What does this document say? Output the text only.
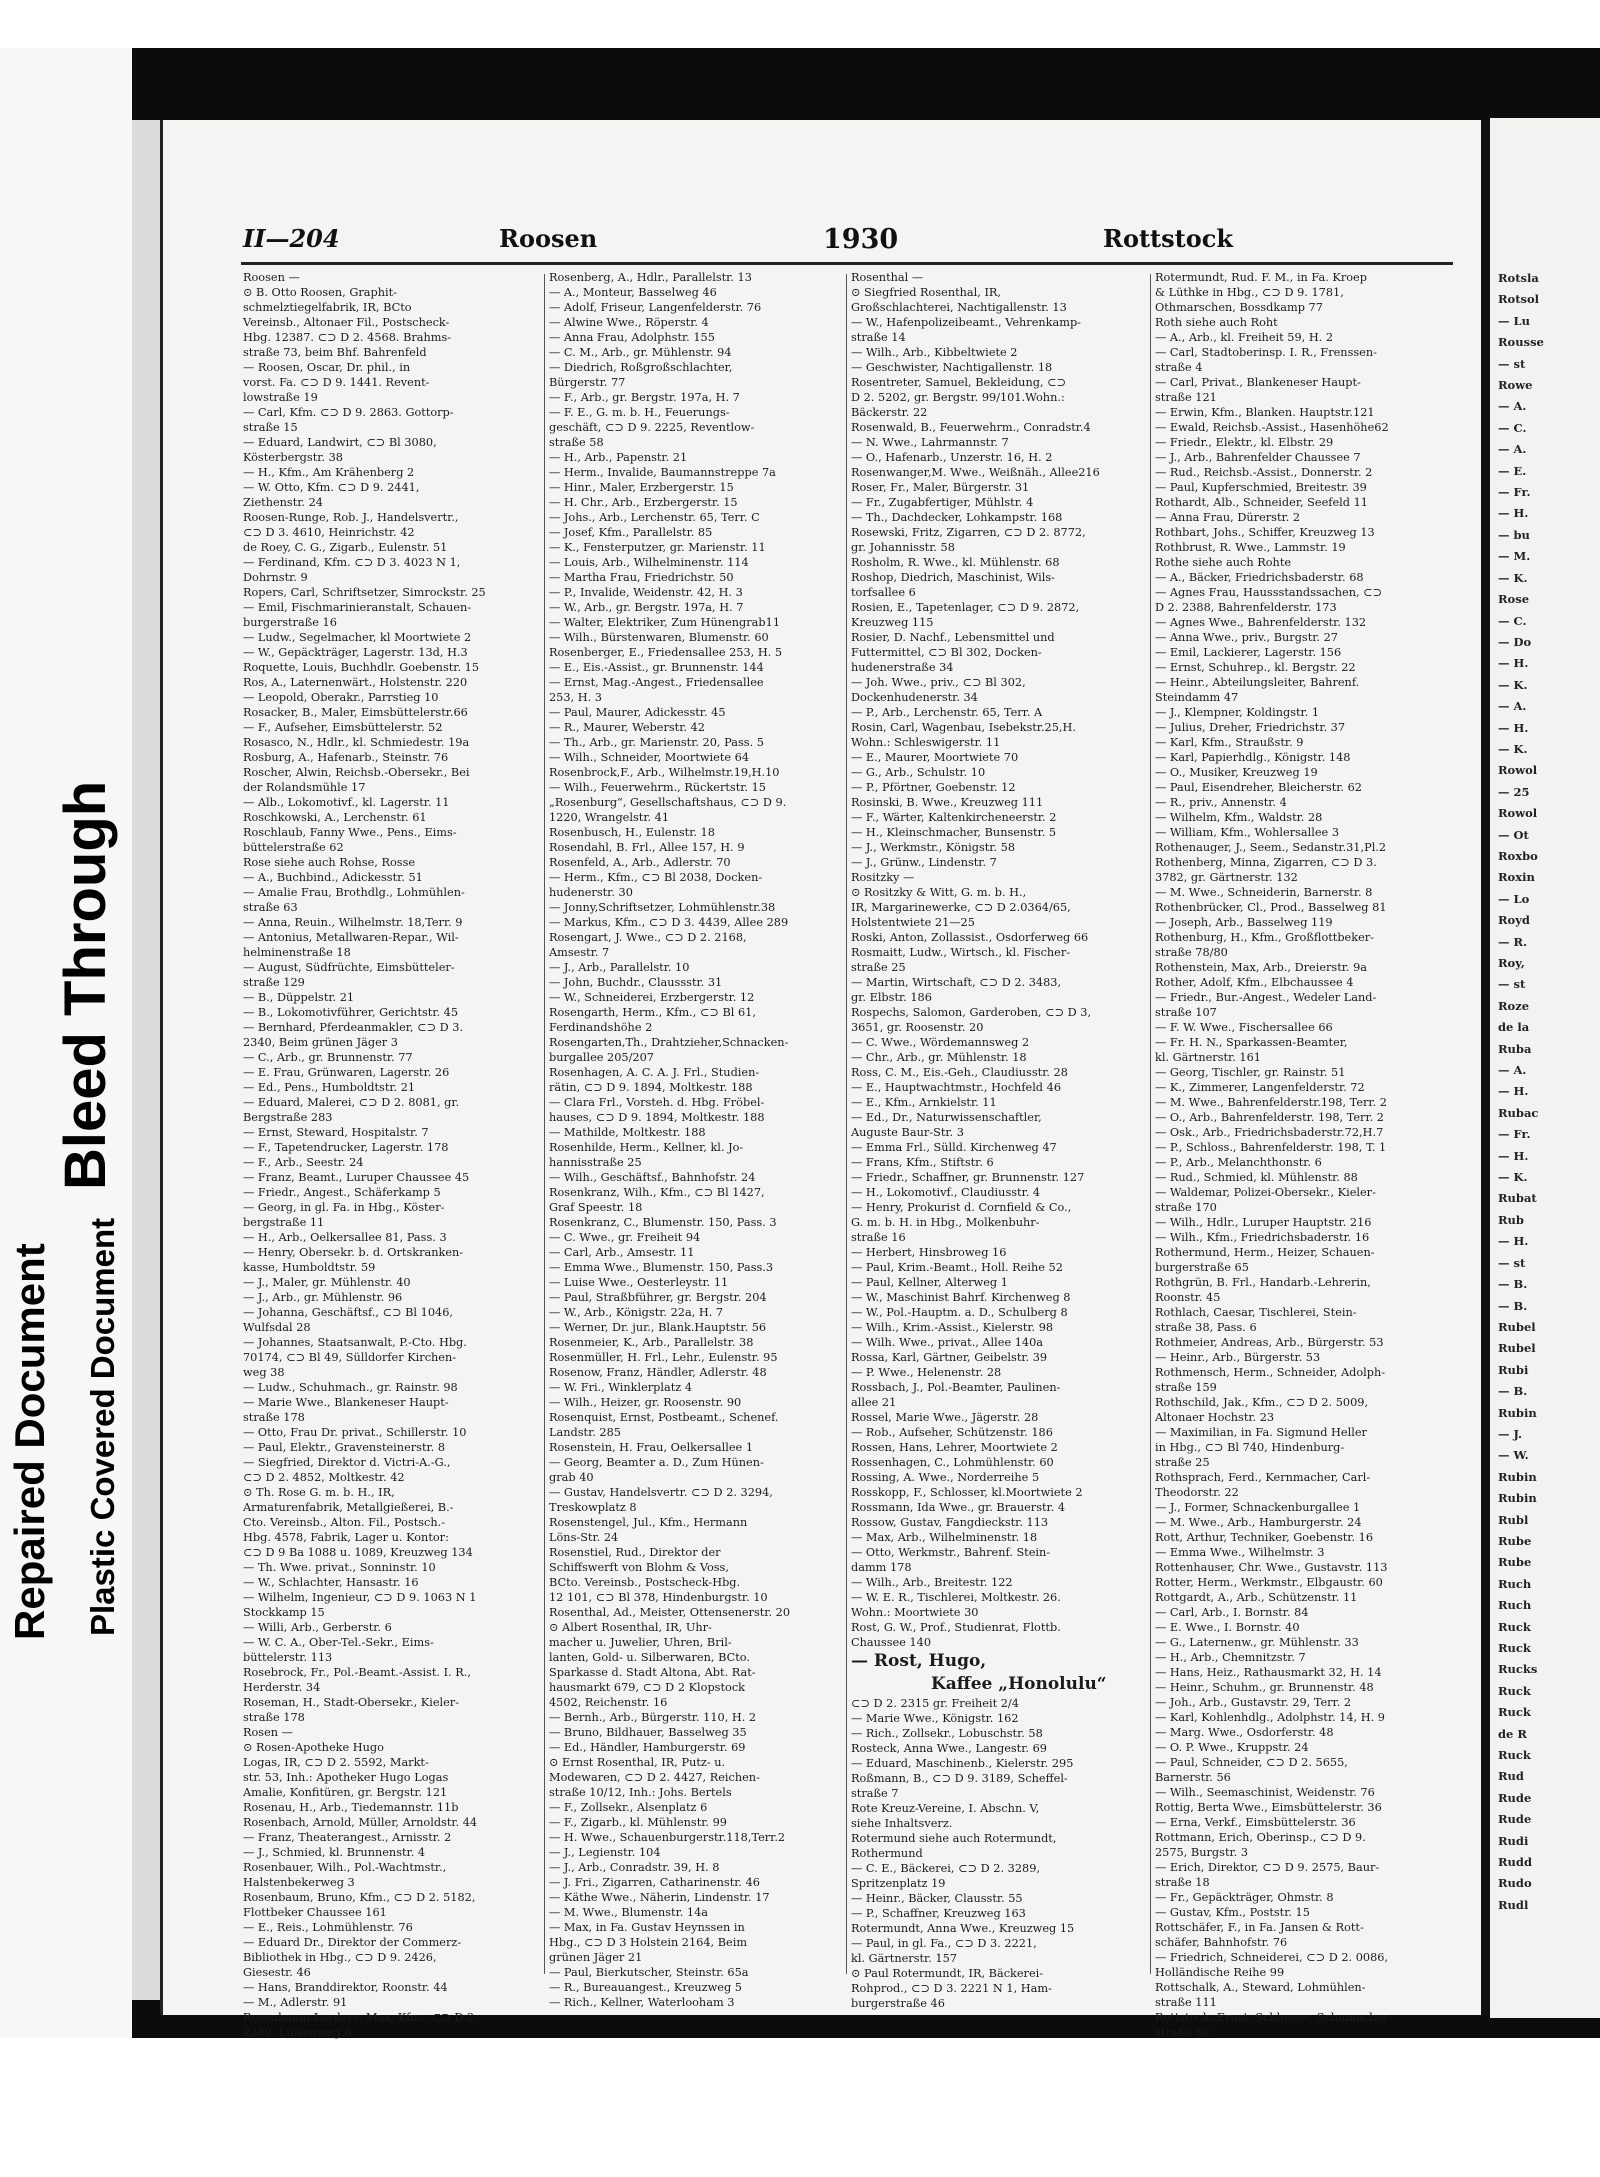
Rotsla
Rotsol
— Lu
Rousse
— st
Rowe
— A.
— C.
— A.
— E.
— Fr.
— H.
— bu
— M.
— K.
Rose
— C.
— Do
— H.
— K.
— A.
— H.
— K.
Rowol
— 25
Rowol
— Ot
Roxbo
Roxin
— Lo
Royd
— R.
Roy,
— st
Roze
de la
Ruba
— A.
— H.
Rubac
— Fr.
— H.
— K.
Rubat
Rub
— H.
— st
— B.
— B.
Rubel
Rubel
Rubi
— B.
Rubin
— J.
— W.
Rubin
Rubin
Rubl
Rube
Rube
Ruch
Ruch
Ruck
Ruck
Rucks
Ruck
Ruck
de R
Ruck
Rud
Rude
Rude
Rudi
Rudd
Rudo
Rudl
Repaired Document Plastic Covered Document
Bleed Through
II—204	Roosen	1930	Rottstock
Roosen —
⊙ B. Otto Roosen, Graphit-
schmelztiegelfabrik, IR, BCto
Vereinsb., Altonaer Fil., Postscheck-
Hbg. 12387. ⊂⊃ D 2. 4568. Brahms-
straße 73, beim Bhf. Bahrenfeld
— Roosen, Oscar, Dr. phil., in
vorst. Fa. ⊂⊃ D 9. 1441. Revent-
lowstraße 19
— Carl, Kfm. ⊂⊃ D 9. 2863. Gottorp-
straße 15
— Eduard, Landwirt, ⊂⊃ Bl 3080,
Kösterbergstr. 38
— H., Kfm., Am Krähenberg 2
— W. Otto, Kfm. ⊂⊃ D 9. 2441,
Ziethenstr. 24
Roosen-Runge, Rob. J., Handelsvertr.,
⊂⊃ D 3. 4610, Heinrichstr. 42
de Roey, C. G., Zigarb., Eulenstr. 51
— Ferdinand, Kfm. ⊂⊃ D 3. 4023 N 1,
Dohrnstr. 9
Ropers, Carl, Schriftsetzer, Simrockstr. 25
— Emil, Fischmarinieranstalt, Schauen-
burgerstraße 16
— Ludw., Segelmacher, kl Moortwiete 2
— W., Gepäckträger, Lagerstr. 13d, H.3
Roquette, Louis, Buchhdlr. Goebenstr. 15
Ros, A., Laternenwärt., Holstenstr. 220
— Leopold, Oberakr., Parrstieg 10
Rosacker, B., Maler, Eimsbüttelerstr.66
— F., Aufseher, Eimsbüttelerstr. 52
Rosasco, N., Hdlr., kl. Schmiedestr. 19a
Rosburg, A., Hafenarb., Steinstr. 76
Roscher, Alwin, Reichsb.-Obersekr., Bei
der Rolandsmühle 17
— Alb., Lokomotivf., kl. Lagerstr. 11
Roschkowski, A., Lerchenstr. 61
Roschlaub, Fanny Wwe., Pens., Eims-
büttelerstraße 62
Rose siehe auch Rohse, Rosse
— A., Buchbind., Adickesstr. 51
— Amalie Frau, Brothdlg., Lohmühlen-
straße 63
— Anna, Reuin., Wilhelmstr. 18,Terr. 9
— Antonius, Metallwaren-Repar., Wil-
helminenstraße 18
— August, Südfrüchte, Eimsbütteler-
straße 129
— B., Düppelstr. 21
— B., Lokomotivführer, Gerichtstr. 45
— Bernhard, Pferdeanmakler, ⊂⊃ D 3.
2340, Beim grünen Jäger 3
— C., Arb., gr. Brunnenstr. 77
— E. Frau, Grünwaren, Lagerstr. 26
— Ed., Pens., Humboldtstr. 21
— Eduard, Malerei, ⊂⊃ D 2. 8081, gr.
Bergstraße 283
— Ernst, Steward, Hospitalstr. 7
— F., Tapetendrucker, Lagerstr. 178
— F., Arb., Seestr. 24
— Franz, Beamt., Luruper Chaussee 45
— Friedr., Angest., Schäferkamp 5
— Georg, in gl. Fa. in Hbg., Köster-
bergstraße 11
— H., Arb., Oelkersallee 81, Pass. 3
— Henry, Obersekr. b. d. Ortskranken-
kasse, Humboldtstr. 59
— J., Maler, gr. Mühlenstr. 40
— J., Arb., gr. Mühlenstr. 96
— Johanna, Geschäftsf., ⊂⊃ Bl 1046,
Wulfsdal 28
— Johannes, Staatsanwalt, P.-Cto. Hbg.
70174, ⊂⊃ Bl 49, Sülldorfer Kirchen-
weg 38
— Ludw., Schuhmach., gr. Rainstr. 98
— Marie Wwe., Blankeneser Haupt-
straße 178
— Otto, Frau Dr. privat., Schillerstr. 10
— Paul, Elektr., Gravensteinerstr. 8
— Siegfried, Direktor d. Victri-A.-G.,
⊂⊃ D 2. 4852, Moltkestr. 42
⊙ Th. Rose G. m. b. H., IR,
Armaturenfabrik, Metallgießerei, B.-
Cto. Vereinsb., Alton. Fil., Postsch.-
Hbg. 4578, Fabrik, Lager u. Kontor:
⊂⊃ D 9 Ba 1088 u. 1089, Kreuzweg 134
— Th. Wwe. privat., Sonninstr. 10
— W., Schlachter, Hansastr. 16
— Wilhelm, Ingenieur, ⊂⊃ D 9. 1063 N 1
Stockkamp 15
— Willi, Arb., Gerberstr. 6
— W. C. A., Ober-Tel.-Sekr., Eims-
büttelerstr. 113
Rosebrock, Fr., Pol.-Beamt.-Assist. I. R.,
Herderstr. 34
Roseman, H., Stadt-Obersekr., Kieler-
straße 178
Rosen —
⊙ Rosen-Apotheke Hugo
Logas, IR, ⊂⊃ D 2. 5592, Markt-
str. 53, Inh.: Apotheker Hugo Logas
Amalie, Konfitüren, gr. Bergstr. 121
Rosenau, H., Arb., Tiedemannstr. 11b
Rosenbach, Arnold, Müller, Arnoldstr. 44
— Franz, Theaterangest., Arnisstr. 2
— J., Schmied, kl. Brunnenstr. 4
Rosenbauer, Wilh., Pol.-Wachtmstr.,
Halstenbekerweg 3
Rosenbaum, Bruno, Kfm., ⊂⊃ D 2. 5182,
Flottbeker Chaussee 161
— E., Reis., Lohmühlenstr. 76
— Eduard Dr., Direktor der Commerz-
Bibliothek in Hbg., ⊂⊃ D 9. 2426,
Giesestr. 46
— Hans, Branddirektor, Roonstr. 44
— M., Adlerstr. 91
Rosenbaum-Lorders, Max, Kfm., ⊂⊃ D 2.
2389, Luisenweg 6
Rosenberg, A., Hdlr., Parallelstr. 13
— A., Monteur, Basselweg 46
— Adolf, Friseur, Langenfelderstr. 76
— Alwine Wwe., Röperstr. 4
— Anna Frau, Adolphstr. 155
— C. M., Arb., gr. Mühlenstr. 94
— Diedrich, Roßgroßschlachter,
Bürgerstr. 77
— F., Arb., gr. Bergstr. 197a, H. 7
— F. E., G. m. b. H., Feuerungs-
geschäft, ⊂⊃ D 9. 2225, Reventlow-
straße 58
— H., Arb., Papenstr. 21
— Herm., Invalide, Baumannstreppe 7a
— Hinr., Maler, Erzbergerstr. 15
— H. Chr., Arb., Erzbergerstr. 15
— Johs., Arb., Lerchenstr. 65, Terr. C
— Josef, Kfm., Parallelstr. 85
— K., Fensterputzer, gr. Marienstr. 11
— Louis, Arb., Wilhelminenstr. 114
— Martha Frau, Friedrichstr. 50
— P., Invalide, Weidenstr. 42, H. 3
— W., Arb., gr. Bergstr. 197a, H. 7
— Walter, Elektriker, Zum Hünengrab11
— Wilh., Bürstenwaren, Blumenstr. 60
Rosenberger, E., Friedensallee 253, H. 5
— E., Eis.-Assist., gr. Brunnenstr. 144
— Ernst, Mag.-Angest., Friedensallee
253, H. 3
— Paul, Maurer, Adickesstr. 45
— R., Maurer, Weberstr. 42
— Th., Arb., gr. Marienstr. 20, Pass. 5
— Wilh., Schneider, Moortwiete 64
Rosenbrock,F., Arb., Wilhelmstr.19,H.10
— Wilh., Feuerwehrm., Rückertstr. 15
„Rosenburg“, Gesellschaftshaus, ⊂⊃ D 9.
1220, Wrangelstr. 41
Rosenbusch, H., Eulenstr. 18
Rosendahl, B. Frl., Allee 157, H. 9
Rosenfeld, A., Arb., Adlerstr. 70
— Herm., Kfm., ⊂⊃ Bl 2038, Docken-
hudenerstr. 30
— Jonny,Schriftsetzer, Lohmühlenstr.38
— Markus, Kfm., ⊂⊃ D 3. 4439, Allee 289
Rosengart, J. Wwe., ⊂⊃ D 2. 2168,
Amsestr. 7
— J., Arb., Parallelstr. 10
— John, Buchdr., Claussstr. 31
— W., Schneiderei, Erzbergerstr. 12
Rosengarth, Herm., Kfm., ⊂⊃ Bl 61,
Ferdinandshöhe 2
Rosengarten,Th., Drahtzieher,Schnacken-
burgallee 205/207
Rosenhagen, A. C. A. J. Frl., Studien-
rätin, ⊂⊃ D 9. 1894, Moltkestr. 188
— Clara Frl., Vorsteh. d. Hbg. Fröbel-
hauses, ⊂⊃ D 9. 1894, Moltkestr. 188
— Mathilde, Moltkestr. 188
Rosenhilde, Herm., Kellner, kl. Jo-
hannisstraße 25
— Wilh., Geschäftsf., Bahnhofstr. 24
Rosenkranz, Wilh., Kfm., ⊂⊃ Bl 1427,
Graf Speestr. 18
Rosenkranz, C., Blumenstr. 150, Pass. 3
— C. Wwe., gr. Freiheit 94
— Carl, Arb., Amsestr. 11
— Emma Wwe., Blumenstr. 150, Pass.3
— Luise Wwe., Oesterleystr. 11
— Paul, Straßbführer, gr. Bergstr. 204
— W., Arb., Königstr. 22a, H. 7
— Werner, Dr. jur., Blank.Hauptstr. 56
Rosenmeier, K., Arb., Parallelstr. 38
Rosenmüller, H. Frl., Lehr., Eulenstr. 95
Rosenow, Franz, Händler, Adlerstr. 48
— W. Fri., Winklerplatz 4
— Wilh., Heizer, gr. Roosenstr. 90
Rosenquist, Ernst, Postbeamt., Schenef.
Landstr. 285
Rosenstein, H. Frau, Oelkersallee 1
— Georg, Beamter a. D., Zum Hünen-
grab 40
— Gustav, Handelsvertr. ⊂⊃ D 2. 3294,
Treskowplatz 8
Rosenstengel, Jul., Kfm., Hermann
Löns-Str. 24
Rosenstiel, Rud., Direktor der
Schiffswerft von Blohm & Voss,
BCto. Vereinsb., Postscheck-Hbg.
12 101, ⊂⊃ Bl 378, Hindenburgstr. 10
Rosenthal, Ad., Meister, Ottensenerstr. 20
⊙ Albert Rosenthal, IR, Uhr-
macher u. Juwelier, Uhren, Bril-
lanten, Gold- u. Silberwaren, BCto.
Sparkasse d. Stadt Altona, Abt. Rat-
hausmarkt 679, ⊂⊃ D 2 Klopstock
4502, Reichenstr. 16
— Bernh., Arb., Bürgerstr. 110, H. 2
— Bruno, Bildhauer, Basselweg 35
— Ed., Händler, Hamburgerstr. 69
⊙ Ernst Rosenthal, IR, Putz- u.
Modewaren, ⊂⊃ D 2. 4427, Reichen-
straße 10/12, Inh.: Johs. Bertels
— F., Zollsekr., Alsenplatz 6
— F., Zigarb., kl. Mühlenstr. 99
— H. Wwe., Schauenburgerstr.118,Terr.2
— J., Legienstr. 104
— J., Arb., Conradstr. 39, H. 8
— J. Fri., Zigarren, Catharinenstr. 46
— Käthe Wwe., Näherin, Lindenstr. 17
— M. Wwe., Blumenstr. 14a
— Max, in Fa. Gustav Heynssen in
Hbg., ⊂⊃ D 3 Holstein 2164, Beim
grünen Jäger 21
— Paul, Bierkutscher, Steinstr. 65a
— R., Bureauangest., Kreuzweg 5
— Rich., Kellner, Waterlooham 3
Rosenthal —
⊙ Siegfried Rosenthal, IR,
Großschlachterei, Nachtigallenstr. 13
— W., Hafenpolizeibeamt., Vehrenkamp-
straße 14
— Wilh., Arb., Kibbeltwiete 2
— Geschwister, Nachtigallenstr. 18
Rosentreter, Samuel, Bekleidung, ⊂⊃
D 2. 5202, gr. Bergstr. 99/101.Wohn.:
Bäckerstr. 22
Rosenwald, B., Feuerwehrm., Conradstr.4
— N. Wwe., Lahrmannstr. 7
— O., Hafenarb., Unzerstr. 16, H. 2
Rosenwanger,M. Wwe., Weißnäh., Allee216
Roser, Fr., Maler, Bürgerstr. 31
— Fr., Zugabfertiger, Mühlstr. 4
— Th., Dachdecker, Lohkampstr. 168
Rosewski, Fritz, Zigarren, ⊂⊃ D 2. 8772,
gr. Johannisstr. 58
Rosholm, R. Wwe., kl. Mühlenstr. 68
Roshop, Diedrich, Maschinist, Wils-
torfsallee 6
Rosien, E., Tapetenlager, ⊂⊃ D 9. 2872,
Kreuzweg 115
Rosier, D. Nachf., Lebensmittel und
Futtermittel, ⊂⊃ Bl 302, Docken-
hudenerstraße 34
— Joh. Wwe., priv., ⊂⊃ Bl 302,
Dockenhudenerstr. 34
— P., Arb., Lerchenstr. 65, Terr. A
Rosin, Carl, Wagenbau, Isebekstr.25,H.
Wohn.: Schleswigerstr. 11
— E., Maurer, Moortwiete 70
— G., Arb., Schulstr. 10
— P., Pförtner, Goebenstr. 12
Rosinski, B. Wwe., Kreuzweg 111
— F., Wärter, Kaltenkircheneerstr. 2
— H., Kleinschmacher, Bunsenstr. 5
— J., Werkmstr., Königstr. 58
— J., Grünw., Lindenstr. 7
Rositzky —
⊙ Rositzky & Witt, G. m. b. H.,
IR, Margarinewerke, ⊂⊃ D 2.0364/65,
Holstentwiete 21—25
Roski, Anton, Zollassist., Osdorferweg 66
Rosmaitt, Ludw., Wirtsch., kl. Fischer-
straße 25
— Martin, Wirtschaft, ⊂⊃ D 2. 3483,
gr. Elbstr. 186
Rospechs, Salomon, Garderoben, ⊂⊃ D 3,
3651, gr. Roosenstr. 20
— C. Wwe., Wördemannsweg 2
— Chr., Arb., gr. Mühlenstr. 18
Ross, C. M., Eis.-Geh., Claudiusstr. 28
— E., Hauptwachtmstr., Hochfeld 46
— E., Kfm., Arnkielstr. 11
— Ed., Dr., Naturwissenschaftler,
Auguste Baur-Str. 3
— Emma Frl., Sülld. Kirchenweg 47
— Frans, Kfm., Stiftstr. 6
— Friedr., Schaffner, gr. Brunnenstr. 127
— H., Lokomotivf., Claudiusstr. 4
— Henry, Prokurist d. Cornfield & Co.,
G. m. b. H. in Hbg., Molkenbuhr-
straße 16
— Herbert, Hinsbroweg 16
— Paul, Krim.-Beamt., Holl. Reihe 52
— Paul, Kellner, Alterweg 1
— W., Maschinist Bahrf. Kirchenweg 8
— W., Pol.-Hauptm. a. D., Schulberg 8
— Wilh., Krim.-Assist., Kielerstr. 98
— Wilh. Wwe., privat., Allee 140a
Rossa, Karl, Gärtner, Geibelstr. 39
— P. Wwe., Helenenstr. 28
Rossbach, J., Pol.-Beamter, Paulinen-
allee 21
Rossel, Marie Wwe., Jägerstr. 28
— Rob., Aufseher, Schützenstr. 186
Rossen, Hans, Lehrer, Moortwiete 2
Rossenhagen, C., Lohmühlenstr. 60
Rossing, A. Wwe., Norderreihe 5
Rosskopp, F., Schlosser, kl.Moortwiete 2
Rossmann, Ida Wwe., gr. Brauerstr. 4
Rossow, Gustav, Fangdieckstr. 113
— Max, Arb., Wilhelminenstr. 18
— Otto, Werkmstr., Bahrenf. Stein-
damm 178
— Wilh., Arb., Breitestr. 122
— W. E. R., Tischlerei, Moltkestr. 26.
Wohn.: Moortwiete 30
Rost, G. W., Prof., Studienrat, Flottb.
Chaussee 140
— Rost, Hugo,
Kaffee „Honolulu“
⊂⊃ D 2. 2315 gr. Freiheit 2/4
— Marie Wwe., Königstr. 162
— Rich., Zollsekr., Lobuschstr. 58
Rosteck, Anna Wwe., Langestr. 69
— Eduard, Maschinenb., Kielerstr. 295
Roßmann, B., ⊂⊃ D 9. 3189, Scheffel-
straße 7
Rote Kreuz-Vereine, I. Abschn. V,
siehe Inhaltsverz.
Rotermund siehe auch Rotermundt,
Rothermund
— C. E., Bäckerei, ⊂⊃ D 2. 3289,
Spritzenplatz 19
— Heinr., Bäcker, Clausstr. 55
— P., Schaffner, Kreuzweg 163
Rotermundt, Anna Wwe., Kreuzweg 15
— Paul, in gl. Fa., ⊂⊃ D 3. 2221,
kl. Gärtnerstr. 157
⊙ Paul Rotermundt, IR, Bäckerei-
Rohprod., ⊂⊃ D 3. 2221 N 1, Ham-
burgerstraße 46
Rotermundt, Rud. F. M., in Fa. Kroep
& Lüthke in Hbg., ⊂⊃ D 9. 1781,
Othmarschen, Bossdkamp 77
Roth siehe auch Roht
— A., Arb., kl. Freiheit 59, H. 2
— Carl, Stadtoberinsp. I. R., Frenssen-
straße 4
— Carl, Privat., Blankeneser Haupt-
straße 121
— Erwin, Kfm., Blanken. Hauptstr.121
— Ewald, Reichsb.-Assist., Hasenhöhe62
— Friedr., Elektr., kl. Elbstr. 29
— J., Arb., Bahrenfelder Chaussee 7
— Rud., Reichsb.-Assist., Donnerstr. 2
— Paul, Kupferschmied, Breitestr. 39
Rothardt, Alb., Schneider, Seefeld 11
— Anna Frau, Dürerstr. 2
Rothbart, Johs., Schiffer, Kreuzweg 13
Rothbrust, R. Wwe., Lammstr. 19
Rothe siehe auch Rohte
— A., Bäcker, Friedrichsbaderstr. 68
— Agnes Frau, Haussstandssachen, ⊂⊃
D 2. 2388, Bahrenfelderstr. 173
— Agnes Wwe., Bahrenfelderstr. 132
— Anna Wwe., priv., Burgstr. 27
— Emil, Lackierer, Lagerstr. 156
— Ernst, Schuhrep., kl. Bergstr. 22
— Heinr., Abteilungsleiter, Bahrenf.
Steindamm 47
— J., Klempner, Koldingstr. 1
— Julius, Dreher, Friedrichstr. 37
— Karl, Kfm., Straußstr. 9
— Karl, Papierhdlg., Königstr. 148
— O., Musiker, Kreuzweg 19
— Paul, Eisendreher, Bleicherstr. 62
— R., priv., Annenstr. 4
— Wilhelm, Kfm., Waldstr. 28
— William, Kfm., Wohlersallee 3
Rothenauger, J., Seem., Sedanstr.31,Pl.2
Rothenberg, Minna, Zigarren, ⊂⊃ D 3.
3782, gr. Gärtnerstr. 132
— M. Wwe., Schneiderin, Barnerstr. 8
Rothenbrücker, Cl., Prod., Basselweg 81
— Joseph, Arb., Basselweg 119
Rothenburg, H., Kfm., Großflottbeker-
straße 78/80
Rothenstein, Max, Arb., Dreierstr. 9a
Rother, Adolf, Kfm., Elbchaussee 4
— Friedr., Bur.-Angest., Wedeler Land-
straße 107
— F. W. Wwe., Fischersallee 66
— Fr. H. N., Sparkassen-Beamter,
kl. Gärtnerstr. 161
— Georg, Tischler, gr. Rainstr. 51
— K., Zimmerer, Langenfelderstr. 72
— M. Wwe., Bahrenfelderstr.198, Terr. 2
— O., Arb., Bahrenfelderstr. 198, Terr. 2
— Osk., Arb., Friedrichsbaderstr.72,H.7
— P., Schloss., Bahrenfelderstr. 198, T. 1
— P., Arb., Melanchthonstr. 6
— Rud., Schmied, kl. Mühlenstr. 88
— Waldemar, Polizei-Obersekr., Kieler-
straße 170
— Wilh., Hdlr., Luruper Hauptstr. 216
— Wilh., Kfm., Friedrichsbaderstr. 16
Rothermund, Herm., Heizer, Schauen-
burgerstraße 65
Rothgrün, B. Frl., Handarb.-Lehrerin,
Roonstr. 45
Rothlach, Caesar, Tischlerei, Stein-
straße 38, Pass. 6
Rothmeier, Andreas, Arb., Bürgerstr. 53
— Heinr., Arb., Bürgerstr. 53
Rothmensch, Herm., Schneider, Adolph-
straße 159
Rothschild, Jak., Kfm., ⊂⊃ D 2. 5009,
Altonaer Hochstr. 23
— Maximilian, in Fa. Sigmund Heller
in Hbg., ⊂⊃ Bl 740, Hindenburg-
straße 25
Rothsprach, Ferd., Kernmacher, Carl-
Theodorstr. 22
— J., Former, Schnackenburgallee 1
— M. Wwe., Arb., Hamburgerstr. 24
Rott, Arthur, Techniker, Goebenstr. 16
— Emma Wwe., Wilhelmstr. 3
Rottenhauser, Chr. Wwe., Gustavstr. 113
Rotter, Herm., Werkmstr., Elbgaustr. 60
Rottgardt, A., Arb., Schützenstr. 11
— Carl, Arb., I. Bornstr. 84
— E. Wwe., I. Bornstr. 40
— G., Laternenw., gr. Mühlenstr. 33
— H., Arb., Chemnitzstr. 7
— Hans, Heiz., Rathausmarkt 32, H. 14
— Heinr., Schuhm., gr. Brunnenstr. 48
— Joh., Arb., Gustavstr. 29, Terr. 2
— Karl, Kohlenhdlg., Adolphstr. 14, H. 9
— Marg. Wwe., Osdorferstr. 48
— O. P. Wwe., Kruppstr. 24
— Paul, Schneider, ⊂⊃ D 2. 5655,
Barnerstr. 56
— Wilh., Seemaschinist, Weidenstr. 76
Rottig, Berta Wwe., Eimsbüttelerstr. 36
— Erna, Verkf., Eimsbüttelerstr. 36
Rottmann, Erich, Oberinsp., ⊂⊃ D 9.
2575, Burgstr. 3
— Erich, Direktor, ⊂⊃ D 9. 2575, Baur-
straße 18
— Fr., Gepäckträger, Ohmstr. 8
— Gustav, Kfm., Poststr. 15
Rottschäfer, F., in Fa. Jansen & Rott-
schäfer, Bahnhofstr. 76
— Friedrich, Schneiderei, ⊂⊃ D 2. 0086,
Holländische Reihe 99
Rottschalk, A., Steward, Lohmühlen-
straße 111
Rottstock, Ernst, Schlosser, Schumacher-
straße 68
